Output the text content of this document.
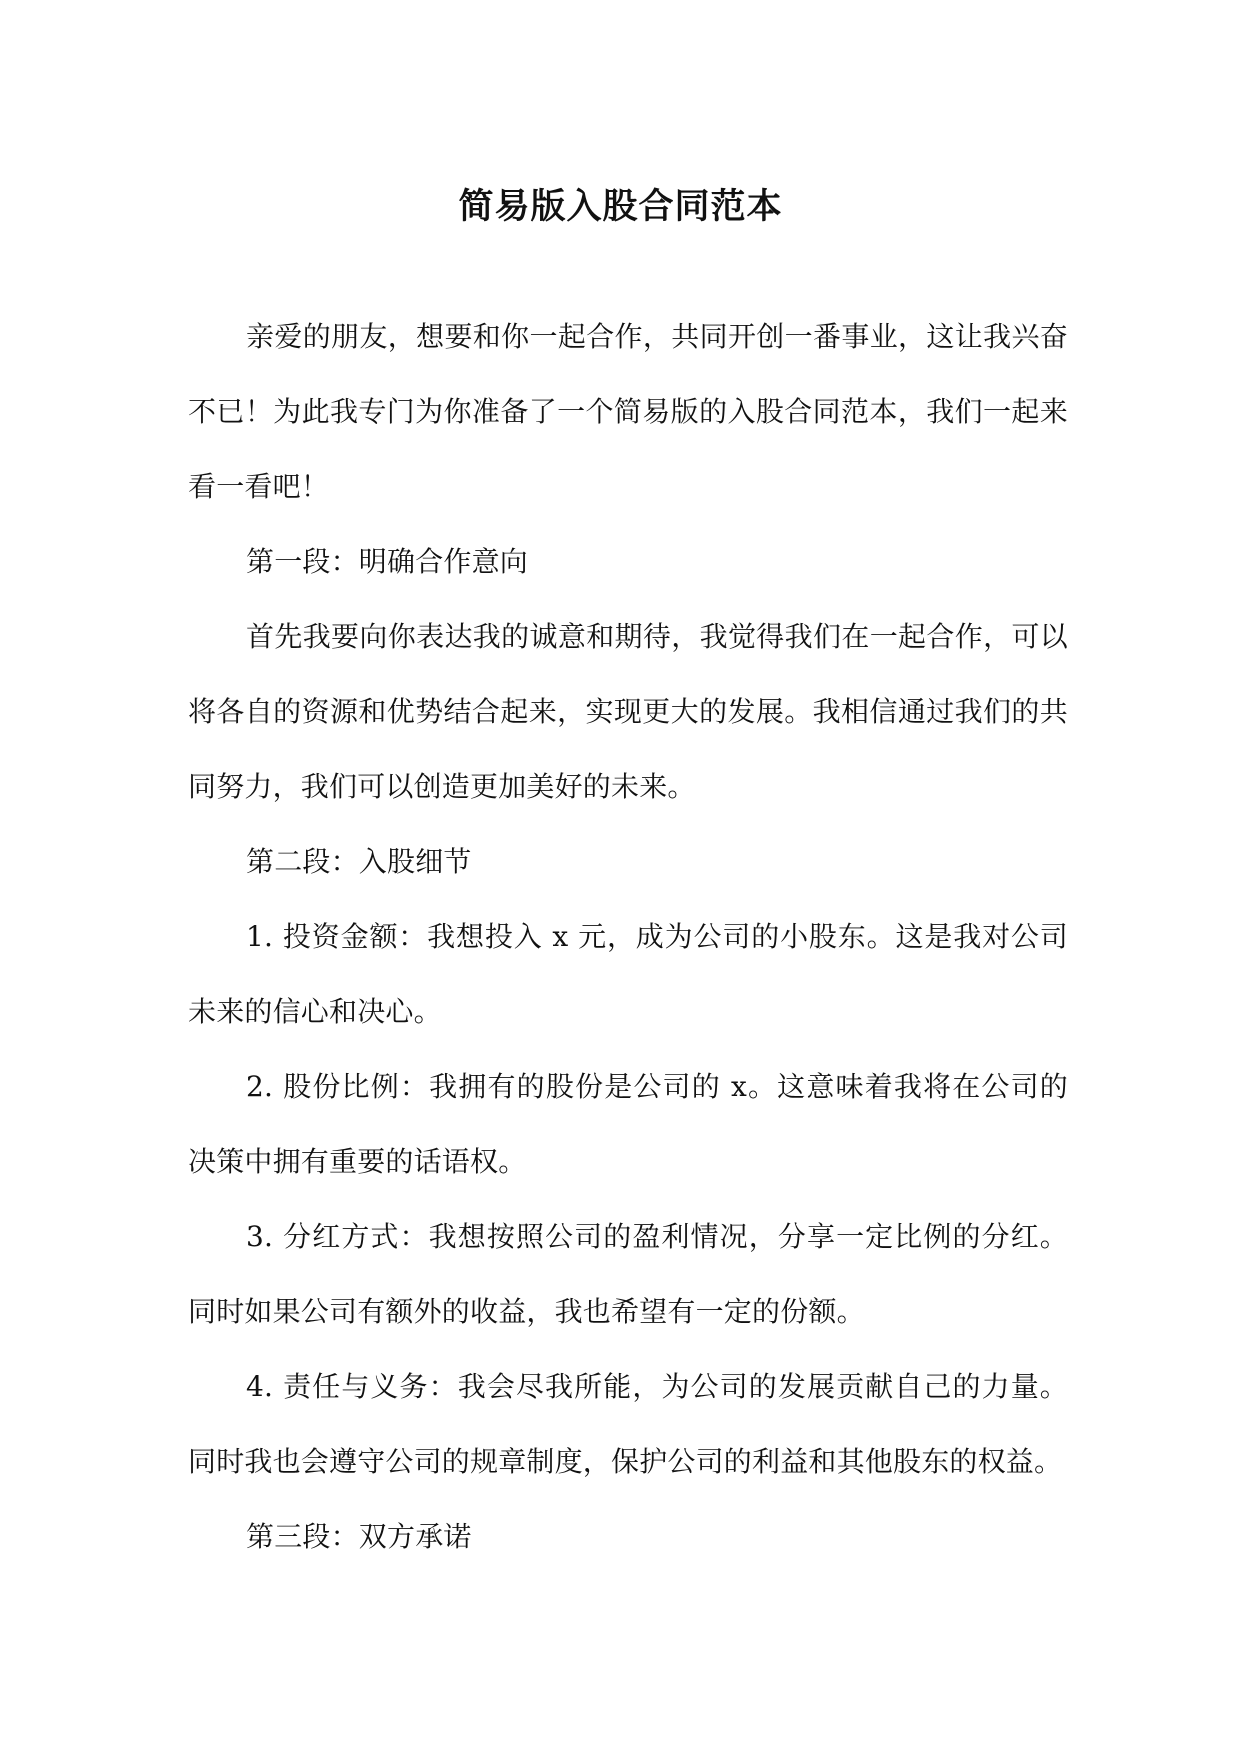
简易版入股合同范本

亲爱的朋友，想要和你一起合作，共同开创一番事业，这让我兴奋不已！为此我专门为你准备了一个简易版的入股合同范本，我们一起来看一看吧！

第一段：明确合作意向

首先我要向你表达我的诚意和期待，我觉得我们在一起合作，可以将各自的资源和优势结合起来，实现更大的发展。我相信通过我们的共同努力，我们可以创造更加美好的未来。

第二段：入股细节

1. 投资金额：我想投入 x 元，成为公司的小股东。这是我对公司未来的信心和决心。

2. 股份比例：我拥有的股份是公司的 x。这意味着我将在公司的决策中拥有重要的话语权。

3. 分红方式：我想按照公司的盈利情况，分享一定比例的分红。同时如果公司有额外的收益，我也希望有一定的份额。

4. 责任与义务：我会尽我所能，为公司的发展贡献自己的力量。同时我也会遵守公司的规章制度，保护公司的利益和其他股东的权益。

第三段：双方承诺
